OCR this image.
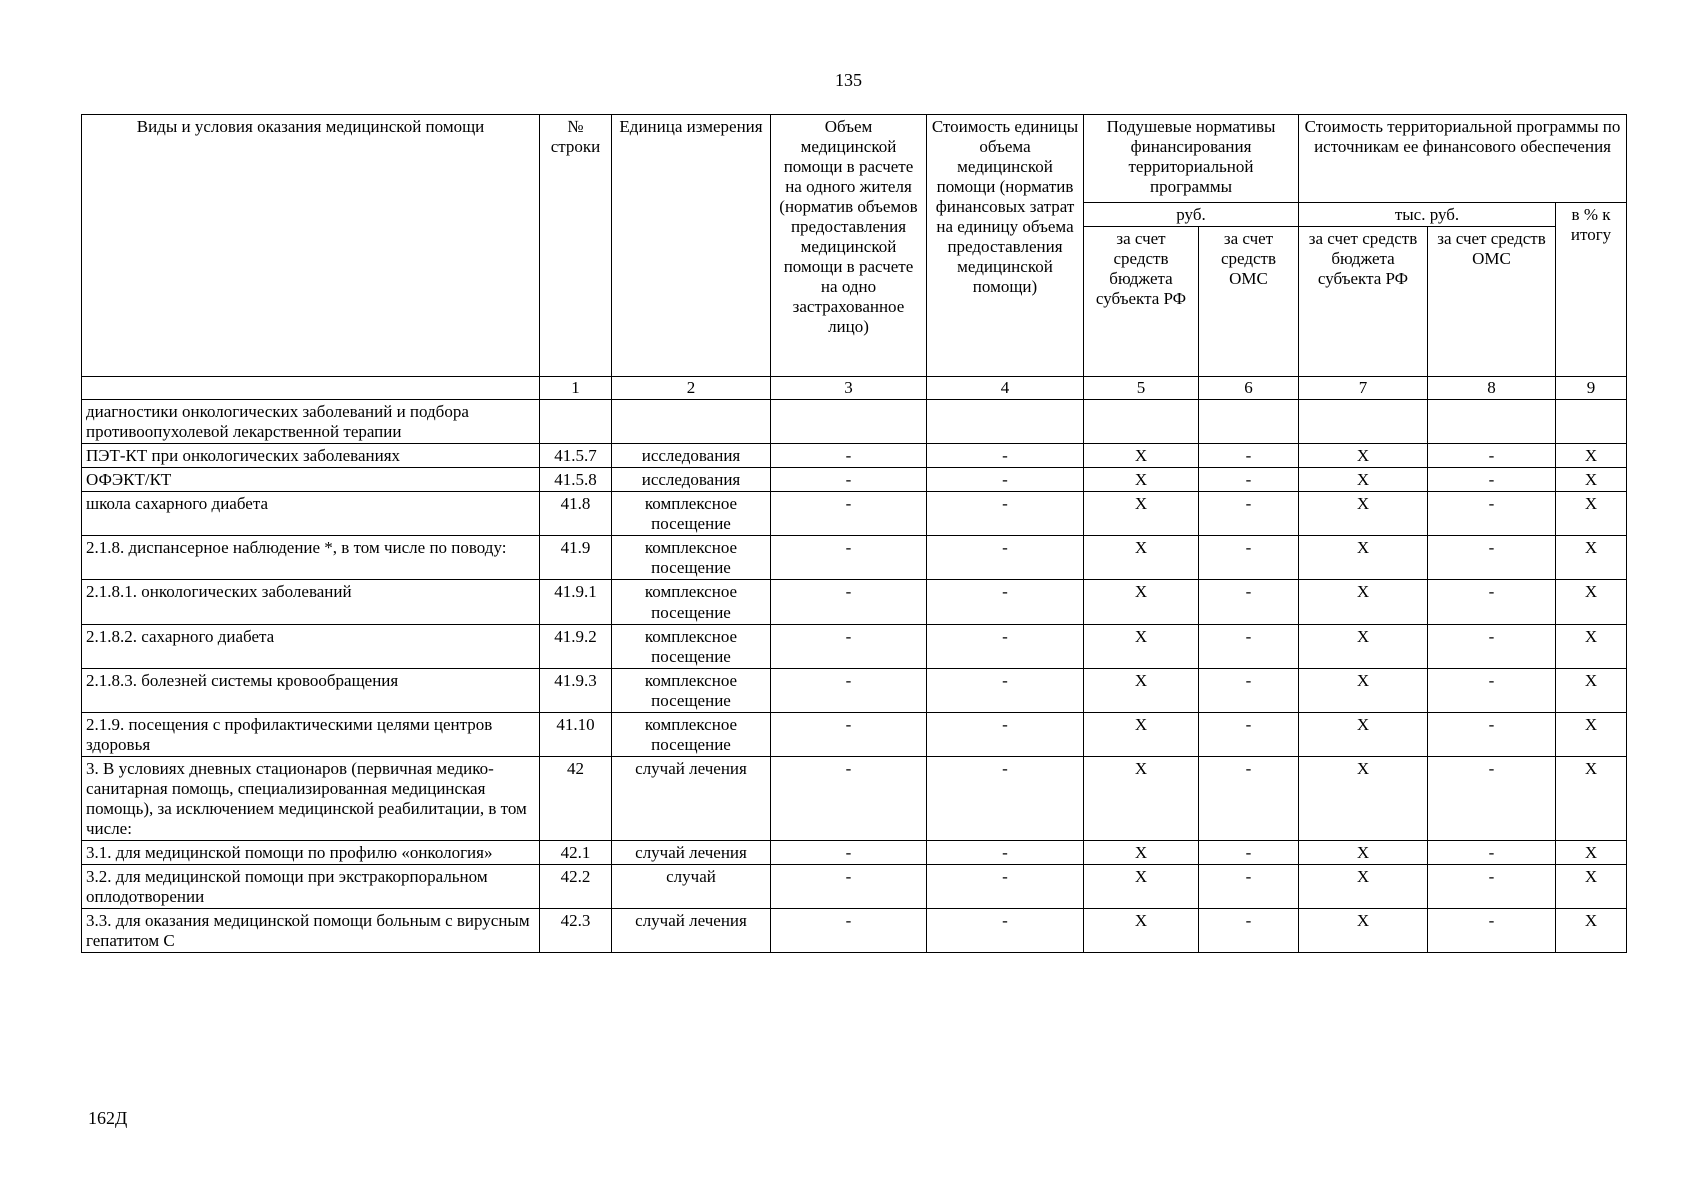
135
Виды и условия оказания медицинской помощи	№ строки	Единица измерения	Объем медицинской помощи в расчете на одного жителя (норматив объемов предоставления медицинской помощи в расчете на одно застрахованное лицо)	Стоимость единицы объема медицинской помощи (норматив финансовых затрат на единицу объема предоставления медицинской помощи)	Подушевые нормативы финансирования территориальной программы		Стоимость территориальной программы по источникам ее финансового обеспечения		
					руб.		тыс. руб.		в % к итогу
					за счет средств бюджета субъекта РФ	за счет средств ОМС	за счет средств бюджета субъекта РФ	за счет средств ОМС	
	1	2	3	4	5	6	7	8	9
диагностики онкологических заболеваний и подбора противоопухолевой лекарственной терапии									
ПЭТ-КТ при онкологических заболеваниях	41.5.7	исследования	-	-	X	-	X	-	X
ОФЭКТ/КТ	41.5.8	исследования	-	-	X	-	X	-	X
школа сахарного диабета	41.8	комплексное посещение	-	-	X	-	X	-	X
2.1.8. диспансерное наблюдение *, в том числе по поводу:	41.9	комплексное посещение	-	-	X	-	X	-	X
2.1.8.1. онкологических заболеваний	41.9.1	комплексное посещение	-	-	X	-	X	-	X
2.1.8.2. сахарного диабета	41.9.2	комплексное посещение	-	-	X	-	X	-	X
2.1.8.3. болезней системы кровообращения	41.9.3	комплексное посещение	-	-	X	-	X	-	X
2.1.9. посещения с профилактическими целями центров здоровья	41.10	комплексное посещение	-	-	X	-	X	-	X
3. В условиях дневных стационаров (первичная медико-санитарная помощь, специализированная медицинская помощь), за исключением медицинской реабилитации, в том числе:	42	случай лечения	-	-	X	-	X	-	X
3.1. для медицинской помощи по профилю «онкология»	42.1	случай лечения	-	-	X	-	X	-	X
3.2. для медицинской помощи при экстракорпоральном оплодотворении	42.2	случай	-	-	X	-	X	-	X
3.3. для оказания медицинской помощи больным с вирусным гепатитом С	42.3	случай лечения	-	-	X	-	X	-	X
162Д
